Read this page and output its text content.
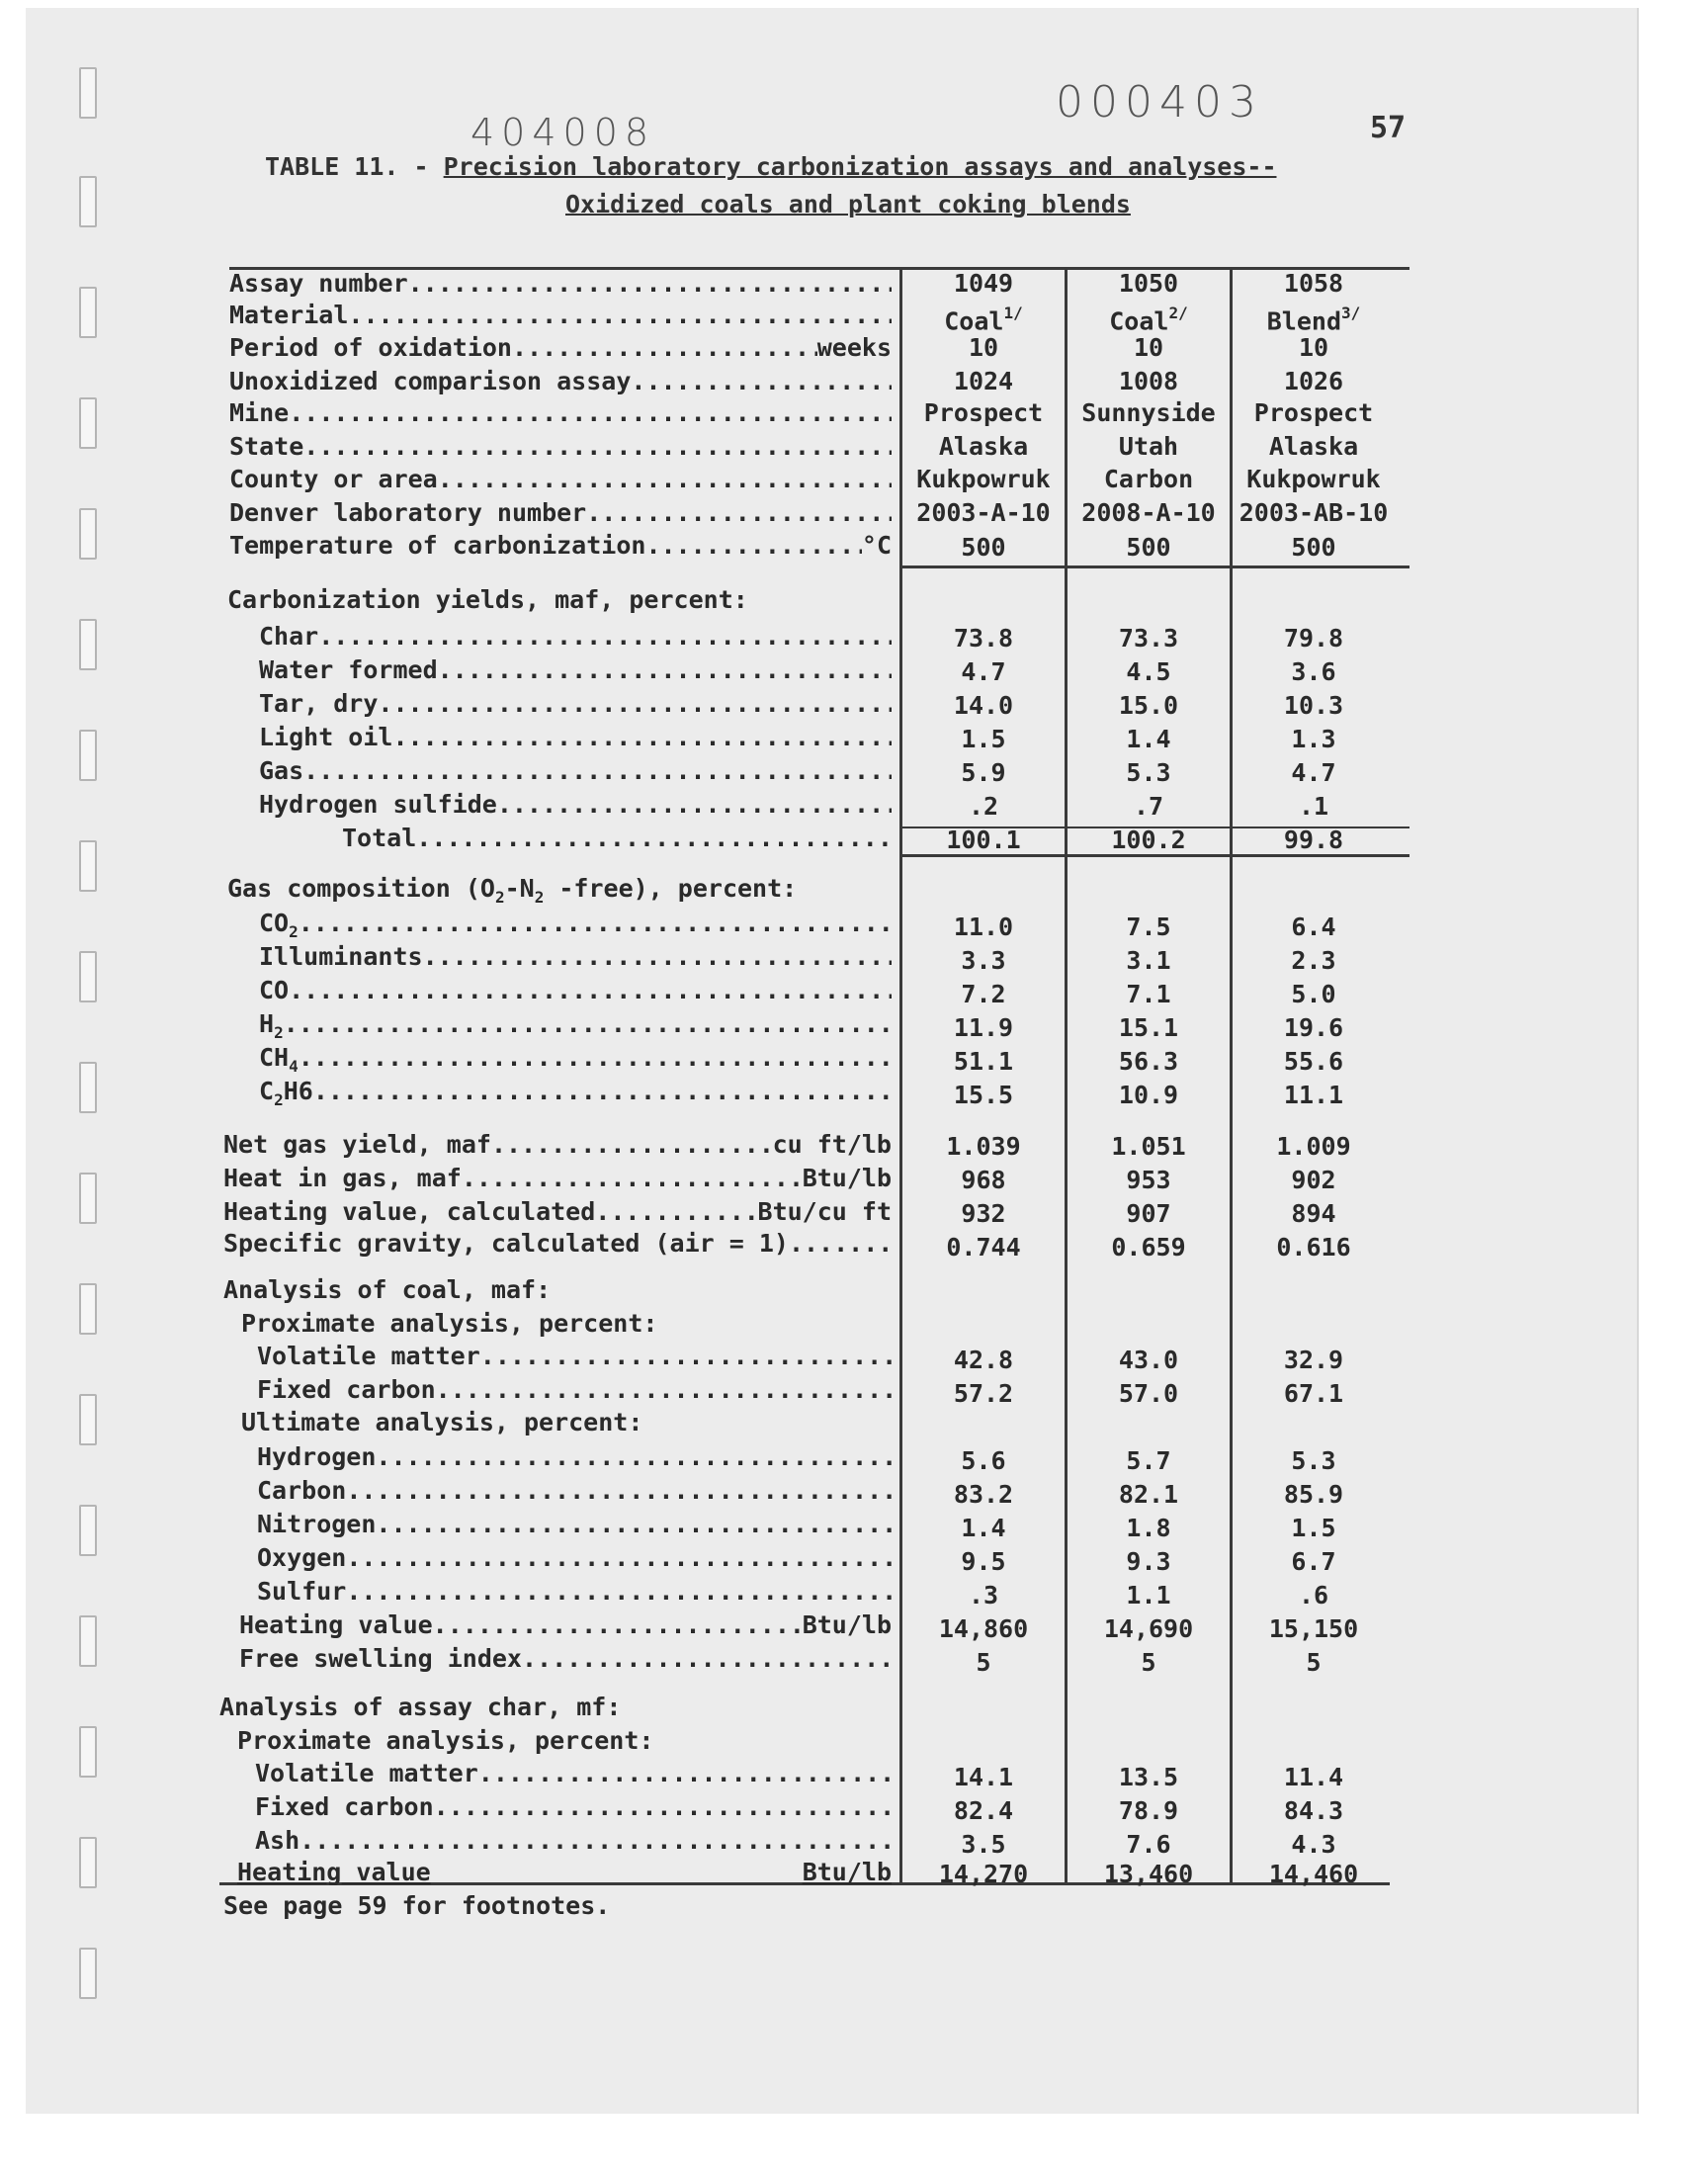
000403
404008	57
TABLE 11. - Precision laboratory carbonization assays and analyses--
Oxidized coals and plant coking blends
Assay number .....	1049	1050	1058
Material .....	Coal$^{1/}$	Coal$^{2/}$	Blend$^{3/}$
Period of oxidation .....	weeks	10	10	10
Unoxidized comparison assay .....	1024	1008	1026
Mine .....	Prospect	Sunnyside	Prospect
State .....	Alaska	Utah	Alaska
County or area .....	Kukpowruk	Carbon	Kukpowruk
Denver laboratory number .....	2003-A-10	2008-A-10 2003-AB-10
Temperature of carbonization .....	°C	500	500	500
Carbonization yields, maf, percent:
Char .....	73.8	73.3	79.8
Water formed .....	4.7	4.5	3.6
Tar, dry .....	14.0	15.0	10.3
Light oil .....	1.5	1.4	1.3
Gas .....	5.9	5.3	4.7
Hydrogen sulfide .....	.2	.7	.1
Total .....	100.1	100.2	99.8
Gas composition ($O_2-N_2$ -free), percent:
$CO_2$ .....	11.0	7.5	6.4
Illuminants .....	3.3	3.1	2.3
CO .....	7.2	7.1	5.0
$H_2$ .....	11.9	15.1	19.6
$CH_4$ .....	51.1	56.3	55.6
$C_2H6$ .....	15.5	10.9	11.1
Net gas yield, maf .....	cu ft/lb	1.039	1.051	1.009
Heat in gas, maf .....	Btu/lb	968	953	902
Heating value, calculated .....	Btu/cu ft	932	907	894
Specific gravity, calculated (air = 1) .....	0.744	0.659	0.616
Analysis of coal, maf:
Proximate analysis, percent:
Volatile matter .....	42.8	43.0	32.9
Fixed carbon .....	57.2	57.0	67.1
Ultimate analysis, percent:
Hydrogen .....	5.6	5.7	5.3
Carbon .....	83.2	82.1	85.9
Nitrogen .....	1.4	1.8	1.5
Oxygen .....	9.5	9.3	6.7
Sulfur .....	.3	1.1	.6
Heating value .....	Btu/lb	14,860	14,690	15,150
Free swelling index .....	5	5	5
Analysis of assay char, mf:
Proximate analysis, percent:
Volatile matter .....	14.1	13.5	11.4
Fixed carbon .....	82.4	78.9	84.3
Ash .....	3.5	7.6	4.3
Heating value	Btu/lb	14,270	13,460	14,460
See page 59 for footnotes.
